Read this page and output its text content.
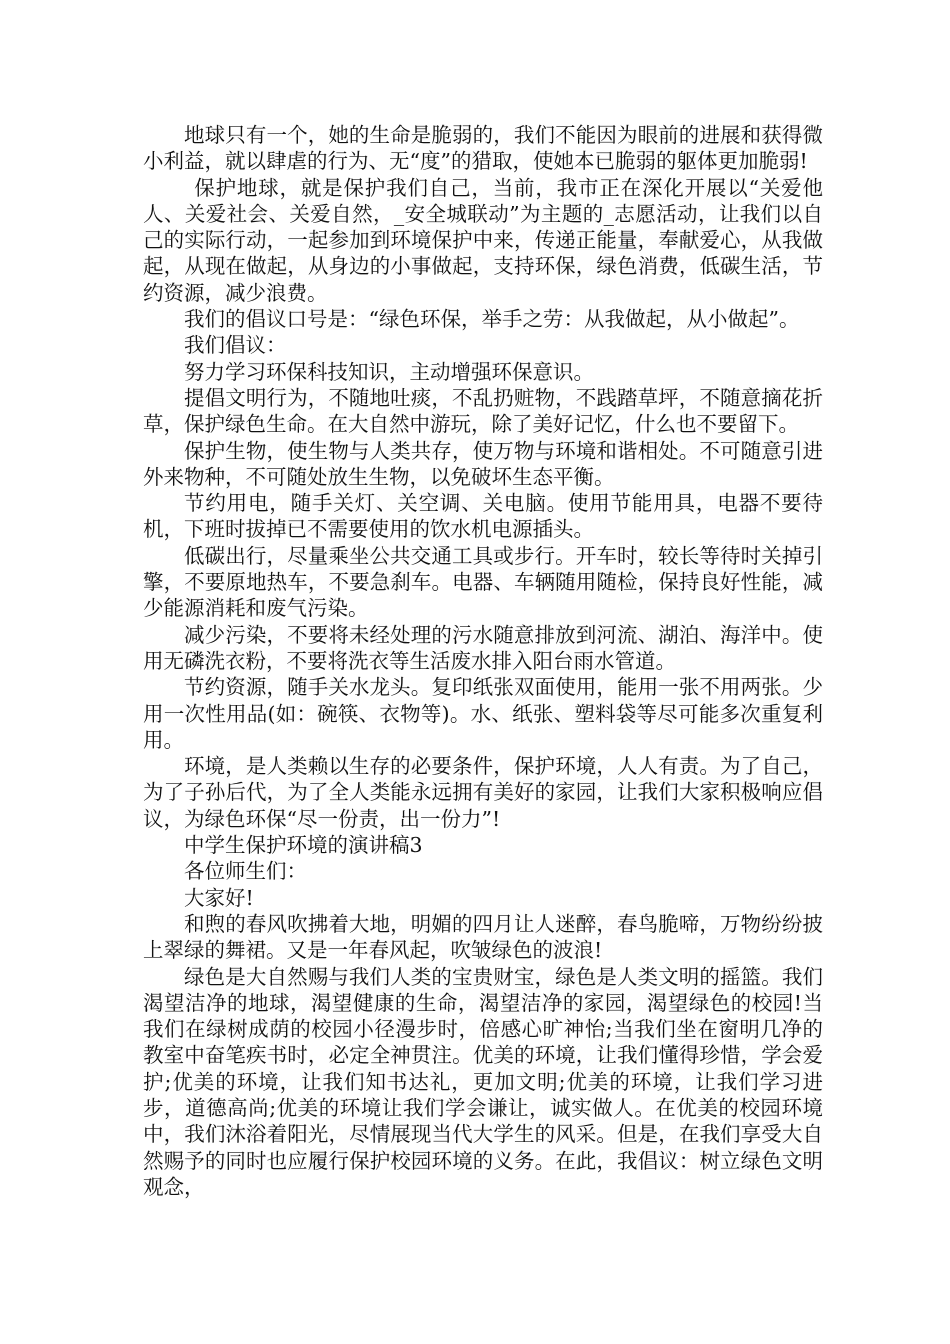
地球只有一个，她的生命是脆弱的，我们不能因为眼前的进展和获得微小利益，就以肆虐的行为、无“度”的猎取，使她本已脆弱的躯体更加脆弱!

保护地球，就是保护我们自己，当前，我市正在深化开展以“关爱他人、关爱社会、关爱自然，_安全城联动”为主题的_志愿活动，让我们以自己的实际行动，一起参加到环境保护中来，传递正能量，奉献爱心，从我做起，从现在做起，从身边的小事做起，支持环保，绿色消费，低碳生活，节约资源，减少浪费。

我们的倡议口号是：“绿色环保，举手之劳：从我做起，从小做起”。

我们倡议：

努力学习环保科技知识，主动增强环保意识。

提倡文明行为，不随地吐痰，不乱扔赃物，不践踏草坪，不随意摘花折草，保护绿色生命。在大自然中游玩，除了美好记忆，什么也不要留下。

保护生物，使生物与人类共存，使万物与环境和谐相处。不可随意引进外来物种，不可随处放生生物，以免破坏生态平衡。

节约用电，随手关灯、关空调、关电脑。使用节能用具，电器不要待机，下班时拔掉已不需要使用的饮水机电源插头。

低碳出行，尽量乘坐公共交通工具或步行。开车时，较长等待时关掉引擎，不要原地热车，不要急刹车。电器、车辆随用随检，保持良好性能，减少能源消耗和废气污染。

减少污染，不要将未经处理的污水随意排放到河流、湖泊、海洋中。使用无磷洗衣粉，不要将洗衣等生活废水排入阳台雨水管道。

节约资源，随手关水龙头。复印纸张双面使用，能用一张不用两张。少用一次性用品(如：碗筷、衣物等)。水、纸张、塑料袋等尽可能多次重复利用。

环境，是人类赖以生存的必要条件，保护环境，人人有责。为了自己，为了子孙后代，为了全人类能永远拥有美好的家园，让我们大家积极响应倡议，为绿色环保“尽一份责，出一份力”!

中学生保护环境的演讲稿3

各位师生们：

大家好!

和煦的春风吹拂着大地，明媚的四月让人迷醉，春鸟脆啼，万物纷纷披上翠绿的舞裙。又是一年春风起，吹皱绿色的波浪!

绿色是大自然赐与我们人类的宝贵财宝，绿色是人类文明的摇篮。我们渴望洁净的地球，渴望健康的生命，渴望洁净的家园，渴望绿色的校园!当我们在绿树成荫的校园小径漫步时，倍感心旷神怡;当我们坐在窗明几净的教室中奋笔疾书时，必定全神贯注。优美的环境，让我们懂得珍惜，学会爱护;优美的环境，让我们知书达礼，更加文明;优美的环境，让我们学习进步，道德高尚;优美的环境让我们学会谦让，诚实做人。在优美的校园环境中，我们沐浴着阳光，尽情展现当代大学生的风采。但是，在我们享受大自然赐予的同时也应履行保护校园环境的义务。在此，我倡议：树立绿色文明观念，
